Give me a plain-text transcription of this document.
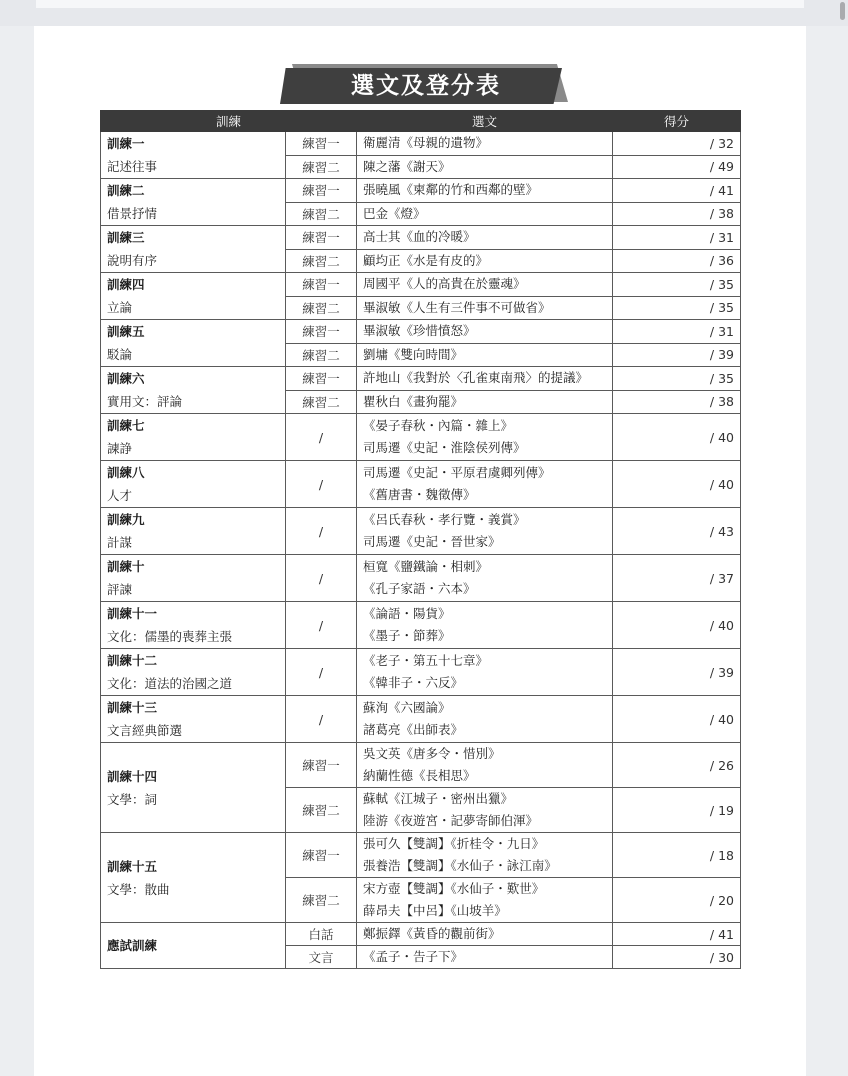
選文及登分表
訓練		選文	得分

訓練一
記述往事	練習一	衛麗清《母親的遺物》	/ 32
	練習二	陳之藩《謝天》	/ 49

訓練二
借景抒情	練習一	張曉風《柬鄰的竹和西鄰的壁》	/ 41
	練習二	巴金《燈》	/ 38

訓練三
說明有序	練習一	高士其《血的冷暖》	/ 31
	練習二	顧均正《水是有皮的》	/ 36

訓練四
立論	練習一	周國平《人的高貴在於靈魂》	/ 35
	練習二	畢淑敏《人生有三件事不可做省》	/ 35

訓練五
駁論	練習一	畢淑敏《珍惜憤怒》	/ 31
	練習二	劉墉《雙向時間》	/ 39

訓練六
實用文：評論	練習一	許地山《我對於〈孔雀東南飛〉的提議》	/ 35
	練習二	瞿秋白《畫狗罷》	/ 38

訓練七
諫諍	/	《晏子春秋・內篇・雜上》
司馬遷《史記・淮陰侯列傳》	/ 40

訓練八
人才	/	司馬遷《史記・平原君虞卿列傳》
《舊唐書・魏徵傳》	/ 40

訓練九
計謀	/	《呂氏春秋・孝行覽・義賞》
司馬遷《史記・晉世家》	/ 43

訓練十
評諫	/	桓寬《鹽鐵論・相刺》
《孔子家語・六本》	/ 37

訓練十一
文化：儒墨的喪葬主張	/	《論語・陽貨》
《墨子・節葬》	/ 40

訓練十二
文化：道法的治國之道	/	《老子・第五十七章》
《韓非子・六反》	/ 39

訓練十三
文言經典節選	/	蘇洵《六國論》
諸葛亮《出師表》	/ 40

訓練十四
文學：詞	練習一	吳文英《唐多令・惜別》
納蘭性德《長相思》	/ 26
	練習二	蘇軾《江城子・密州出獵》
陸游《夜遊宮・記夢寄師伯渾》	/ 19

訓練十五
文學：散曲	練習一	張可久【雙調】《折桂令・九日》
張養浩【雙調】《水仙子・詠江南》	/ 18
	練習二	宋方壺【雙調】《水仙子・歎世》
薛昂夫【中呂】《山坡羊》	/ 20

應試訓練	白話	鄭振鐸《黃昏的觀前街》	/ 41
	文言	《孟子・告子下》	/ 30
